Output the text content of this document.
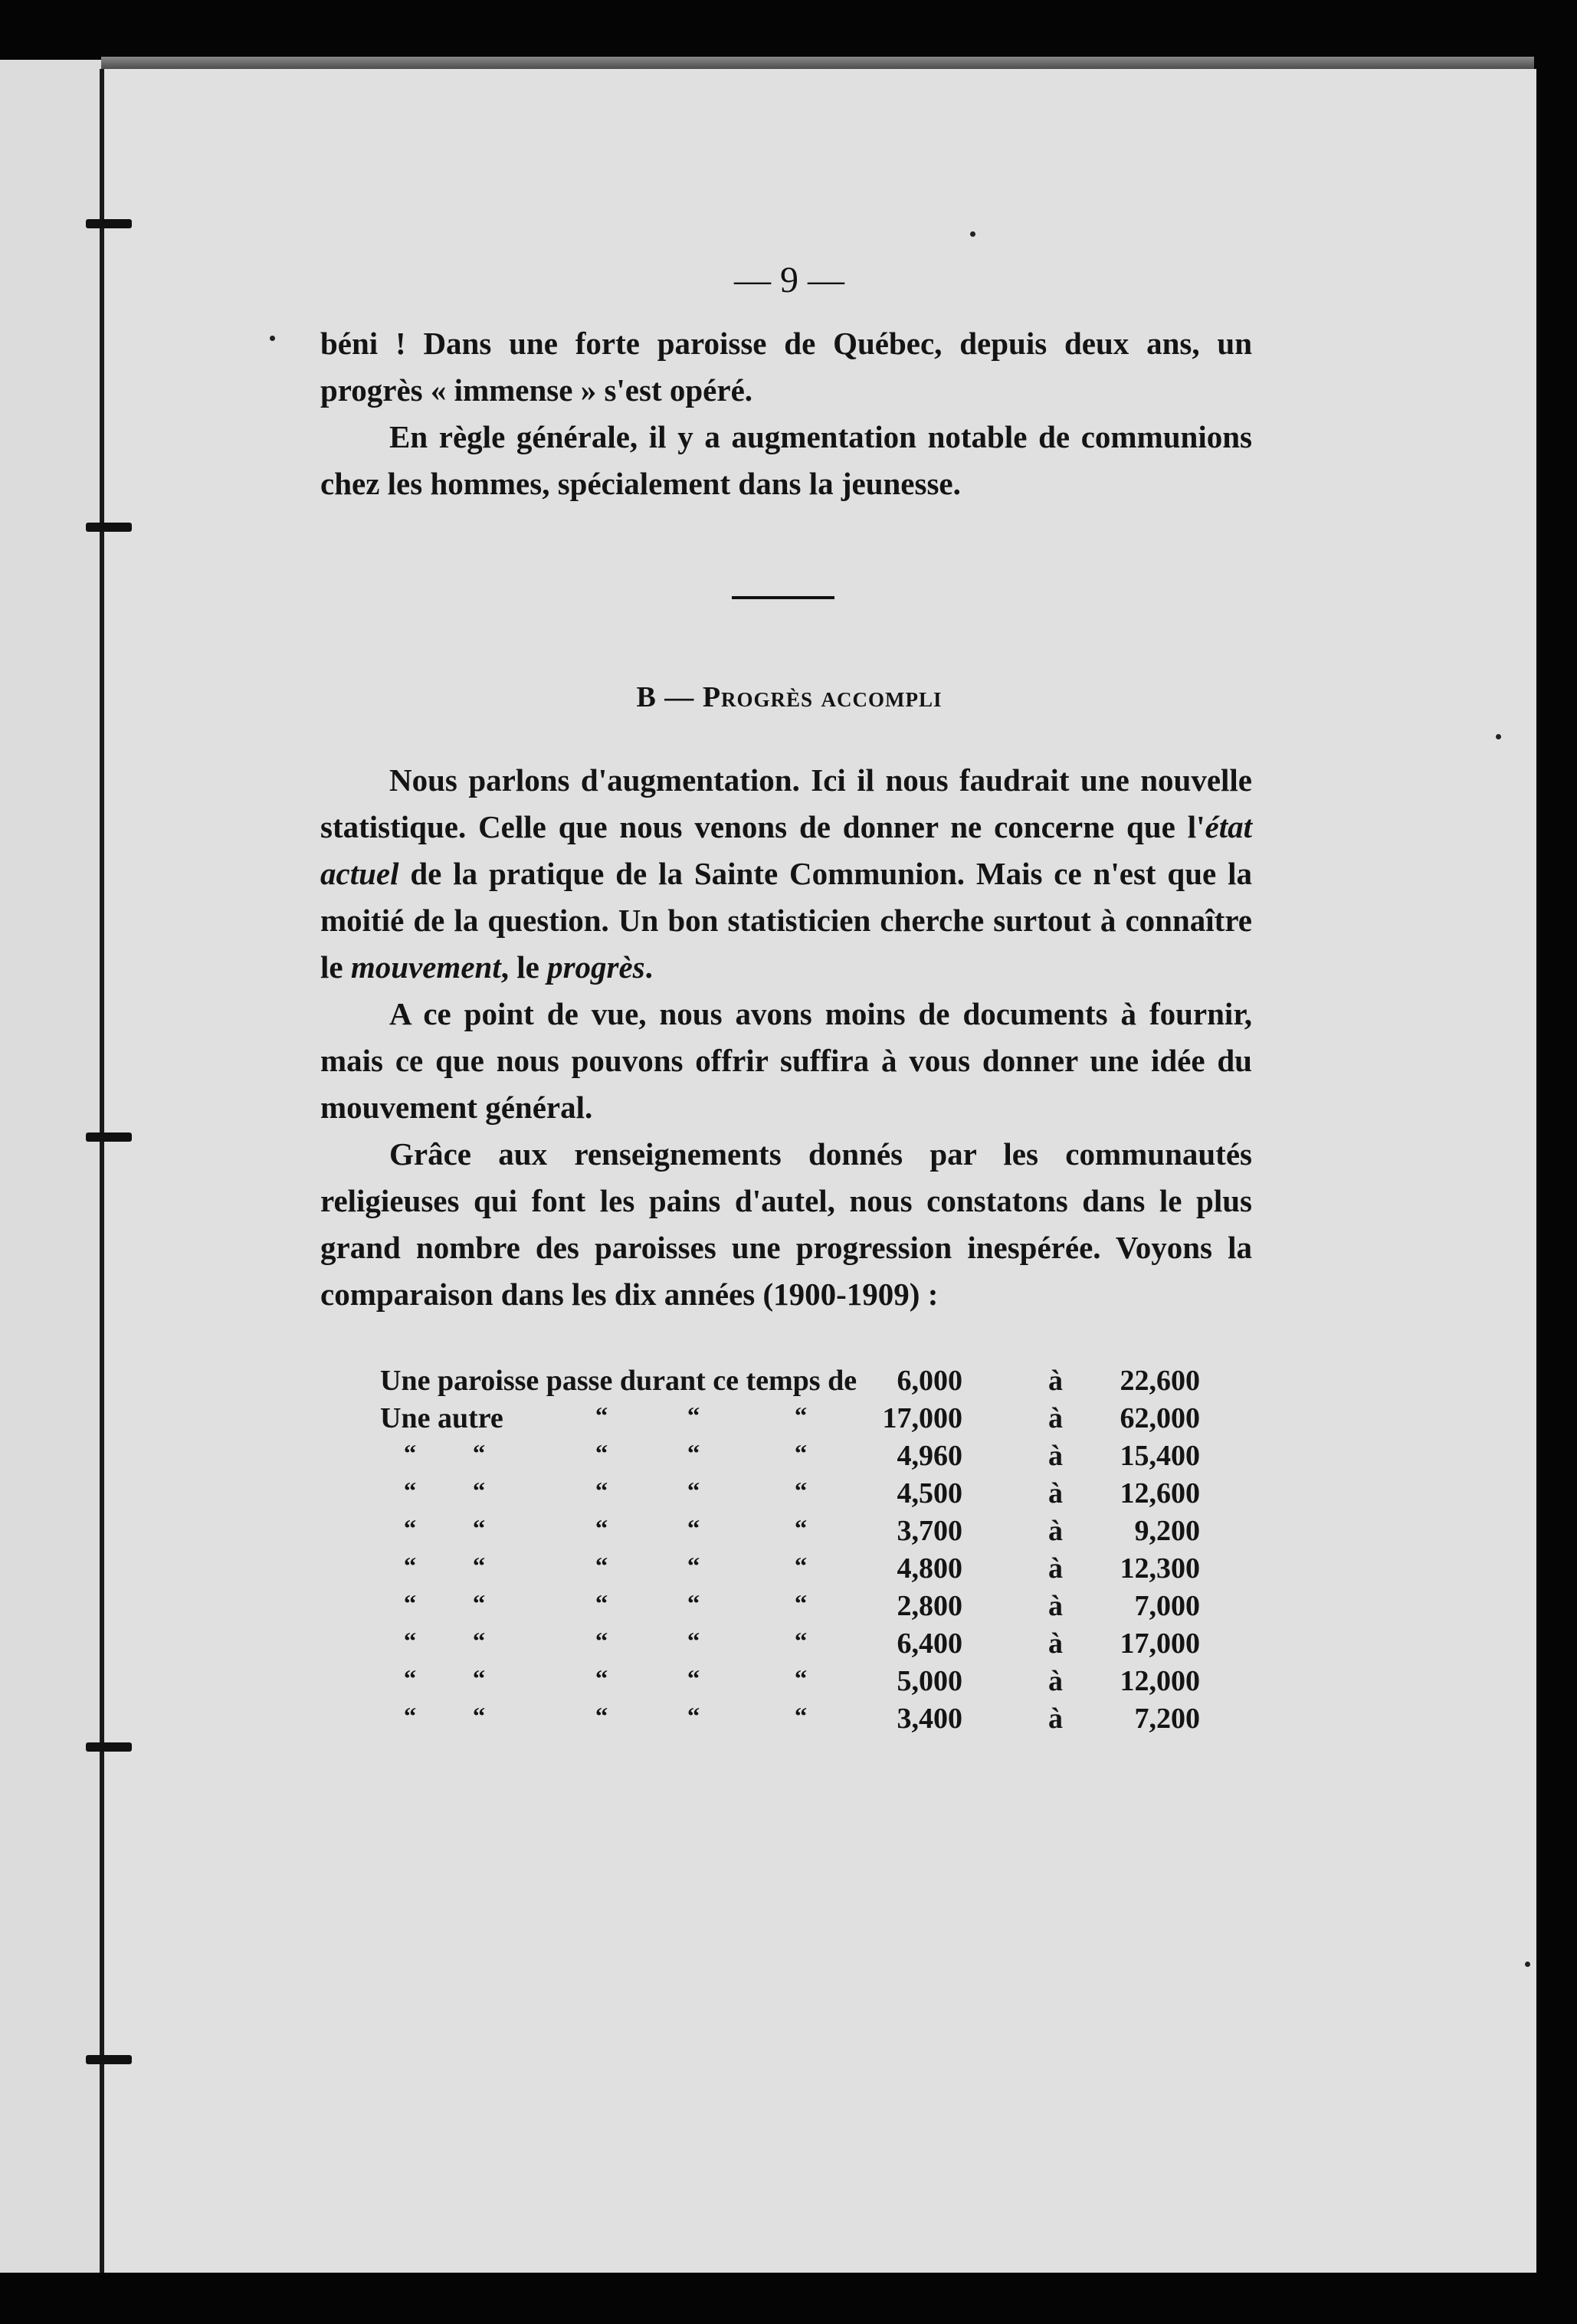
— 9 —

béni ! Dans une forte paroisse de Québec, depuis deux ans, un progrès « immense » s'est opéré.

En règle générale, il y a augmentation notable de communions chez les hommes, spécialement dans la jeunesse.

B — Progrès accompli

Nous parlons d'augmentation. Ici il nous faudrait une nouvelle statistique. Celle que nous venons de donner ne concerne que l'état actuel de la pratique de la Sainte Communion. Mais ce n'est que la moitié de la question. Un bon statisticien cherche surtout à connaître le mouvement, le progrès.

A ce point de vue, nous avons moins de documents à fournir, mais ce que nous pouvons offrir suffira à vous donner une idée du mouvement général.

Grâce aux renseignements donnés par les communautés religieuses qui font les pains d'autel, nous constatons dans le plus grand nombre des paroisses une progression inespérée. Voyons la comparaison dans les dix années (1900-1909) :

Une paroisse passe durant ce temps de	6,000	à	22,600
Une autre	‘‘	‘‘	‘‘	17,000	à	62,000
‘‘ ‘‘	‘‘	‘‘	‘‘	4,960	à	15,400
‘‘ ‘‘	‘‘	‘‘	‘‘	4,500	à	12,600
‘‘ ‘‘	‘‘	‘‘	‘‘	3,700	à	9,200
‘‘ ‘‘	‘‘	‘‘	‘‘	4,800	à	12,300
‘‘ ‘‘	‘‘	‘‘	‘‘	2,800	à	7,000
‘‘ ‘‘	‘‘	‘‘	‘‘	6,400	à	17,000
‘‘ ‘‘	‘‘	‘‘	‘‘	5,000	à	12,000
‘‘ ‘‘	‘‘	‘‘	‘‘	3,400	à	7,200
